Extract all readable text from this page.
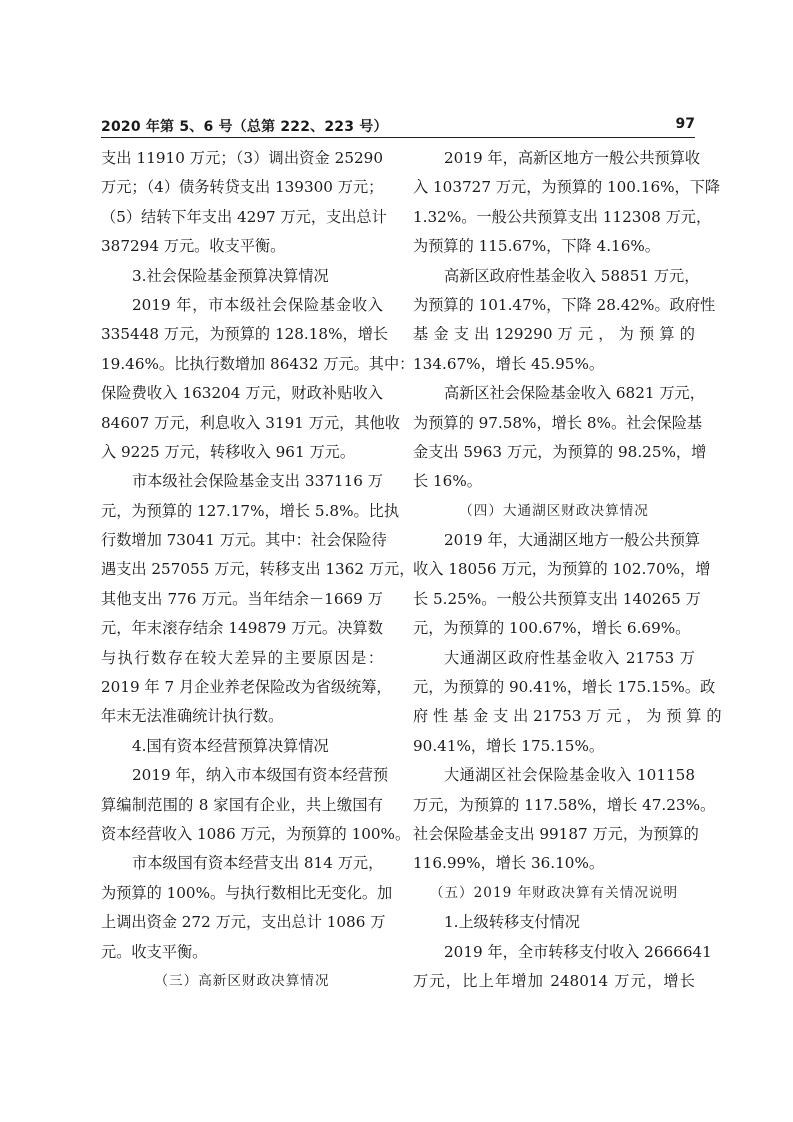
2020 年第 5、6 号（总第 222、223 号）	97
支出 11910 万元；（3）调出资金 25290
万元；（4）债务转贷支出 139300 万元；
（5）结转下年支出 4297 万元，支出总计
387294 万元。收支平衡。
3.社会保险基金预算决算情况
2019 年，市本级社会保险基金收入
335448 万元，为预算的 128.18%，增长
19.46%。比执行数增加 86432 万元。其中：
保险费收入 163204 万元，财政补贴收入
84607 万元，利息收入 3191 万元，其他收
入 9225 万元，转移收入 961 万元。
市本级社会保险基金支出 337116 万
元，为预算的 127.17%，增长 5.8%。比执
行数增加 73041 万元。其中：社会保险待
遇支出 257055 万元，转移支出 1362 万元，
其他支出 776 万元。当年结余－1669 万
元，年末滚存结余 149879 万元。决算数
与执行数存在较大差异的主要原因是：
2019 年 7 月企业养老保险改为省级统筹，
年末无法准确统计执行数。
4.国有资本经营预算决算情况
2019 年，纳入市本级国有资本经营预
算编制范围的 8 家国有企业，共上缴国有
资本经营收入 1086 万元，为预算的 100%。
市本级国有资本经营支出 814 万元，
为预算的 100%。与执行数相比无变化。加
上调出资金 272 万元，支出总计 1086 万
元。收支平衡。
（三）高新区财政决算情况
2019 年，高新区地方一般公共预算收
入 103727 万元，为预算的 100.16%，下降
1.32%。一般公共预算支出 112308 万元，
为预算的 115.67%，下降 4.16%。
高新区政府性基金收入 58851 万元，
为预算的 101.47%，下降 28.42%。政府性
基 金 支 出 129290 万 元 ， 为 预 算 的
134.67%，增长 45.95%。
高新区社会保险基金收入 6821 万元，
为预算的 97.58%，增长 8%。社会保险基
金支出 5963 万元，为预算的 98.25%，增
长 16%。
（四）大通湖区财政决算情况
2019 年，大通湖区地方一般公共预算
收入 18056 万元，为预算的 102.70%，增
长 5.25%。一般公共预算支出 140265 万
元，为预算的 100.67%，增长 6.69%。
大通湖区政府性基金收入 21753 万
元，为预算的 90.41%，增长 175.15%。政
府 性 基 金 支 出 21753 万 元 ， 为 预 算 的
90.41%，增长 175.15%。
大通湖区社会保险基金收入 101158
万元，为预算的 117.58%，增长 47.23%。
社会保险基金支出 99187 万元，为预算的
116.99%，增长 36.10%。
（五）2019 年财政决算有关情况说明
1.上级转移支付情况
2019 年，全市转移支付收入 2666641
万元，比上年增加 248014 万元，增长
